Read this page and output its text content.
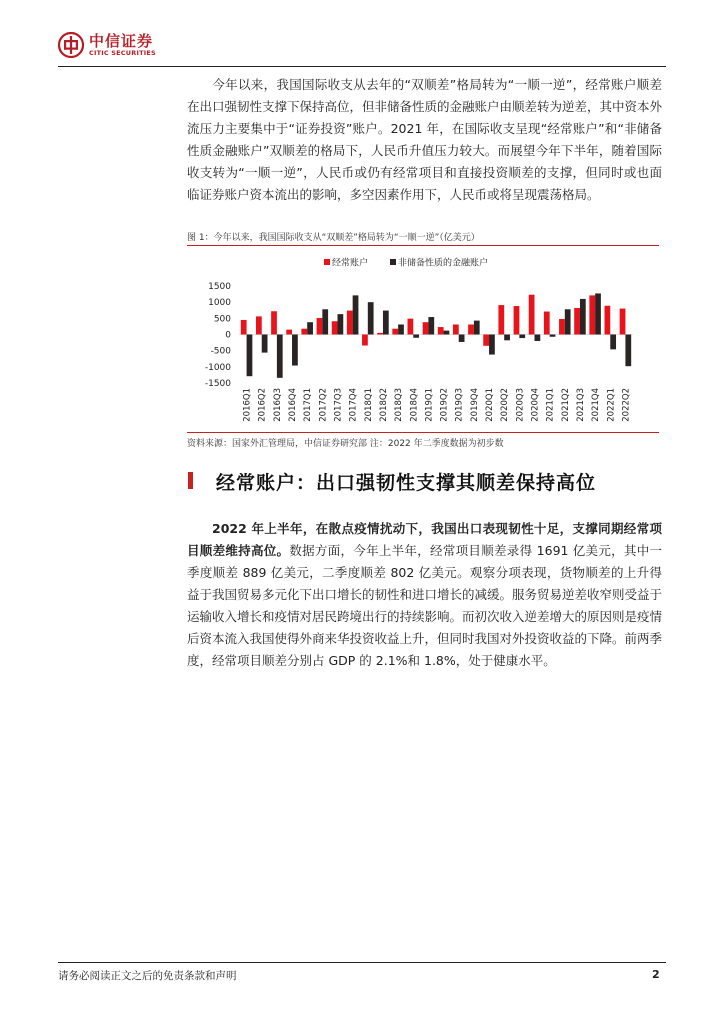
中信证券
CITIC SECURITIES

今年以来，我国国际收支从去年的“双顺差”格局转为“一顺一逆”，经常账户顺差在出口强韧性支撑下保持高位，但非储备性质的金融账户由顺差转为逆差，其中资本外流压力主要集中于“证券投资”账户。2021 年，在国际收支呈现“经常账户”和“非储备性质金融账户”双顺差的格局下，人民币升值压力较大。而展望今年下半年，随着国际收支转为“一顺一逆”，人民币或仍有经常项目和直接投资顺差的支撑，但同时或也面临证券账户资本流出的影响，多空因素作用下，人民币或将呈现震荡格局。

图 1：今年以来，我国国际收支从“双顺差”格局转为“一顺一逆”（亿美元）
-1500
-1000
-500
0
500
1000
1500
2016Q1 2016Q2 2016Q3 2016Q4 2017Q1 2017Q2 2017Q3 2017Q4 2018Q1 2018Q2 2018Q3 2018Q4 2019Q1 2019Q2 2019Q3 2019Q4 2020Q1 2020Q2 2020Q3 2020Q4 2021Q1 2021Q2 2021Q3 2021Q4 2022Q1 2022Q2
经常账户	非储备性质的金融账户
资料来源：国家外汇管理局，中信证券研究部 注：2022 年二季度数据为初步数
经常账户：出口强韧性支撑其顺差保持高位

2022 年上半年，在散点疫情扰动下，我国出口表现韧性十足，支撑同期经常项目顺差维持高位。数据方面，今年上半年，经常项目顺差录得 1691 亿美元，其中一季度顺差 889 亿美元，二季度顺差 802 亿美元。观察分项表现，货物顺差的上升得益于我国贸易多元化下出口增长的韧性和进口增长的减缓。服务贸易逆差收窄则受益于运输收入增长和疫情对居民跨境出行的持续影响。而初次收入逆差增大的原因则是疫情后资本流入我国使得外商来华投资收益上升，但同时我国对外投资收益的下降。前两季度，经常项目顺差分别占 GDP 的 2.1%和 1.8%，处于健康水平。

请务必阅读正文之后的免责条款和声明	2
